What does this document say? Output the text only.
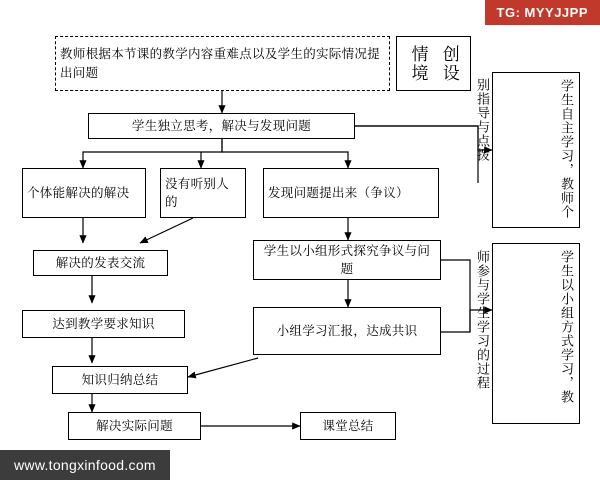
教师根据本节课的教学内容重难点以及学生的实际情况提出问题	情境 创设
学生独立思考，解决与发现问题
个体能解决的解决
没有听别人的
发现问题提出来（争议）
学生以小组形式探究争议与问题
解决的发表交流
达到教学要求知识	小组学习汇报，达成共识
知识归纳总结
解决实际问题	课堂总结
学生自主学习，教师个
别指导与点拨
学生以小组方式学习，教
师参与学生学习的过程
TG: MYYJJPP
www.tongxinfood.com
